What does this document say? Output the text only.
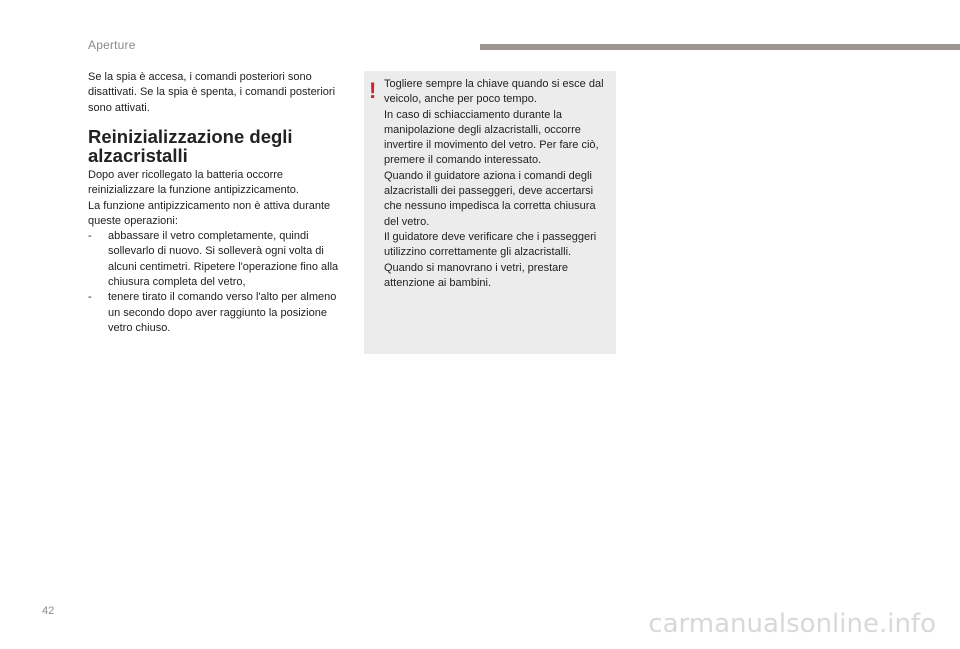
Aperture
Se la spia è accesa, i comandi posteriori sono disattivati. Se la spia è spenta, i comandi posteriori sono attivati.
Reinizializzazione degli
alzacristalli
Dopo aver ricollegato la batteria occorre reinizializzare la funzione antipizzicamento.
La funzione antipizzicamento non è attiva durante queste operazioni:
-	abbassare il vetro completamente, quindi sollevarlo di nuovo. Si solleverà ogni volta di alcuni centimetri. Ripetere l'operazione fino alla chiusura completa del vetro,
-	tenere tirato il comando verso l'alto per almeno un secondo dopo aver raggiunto la posizione vetro chiuso.
! Togliere sempre la chiave quando si esce dal veicolo, anche per poco tempo.
In caso di schiacciamento durante la manipolazione degli alzacristalli, occorre invertire il movimento del vetro. Per fare ciò, premere il comando interessato.
Quando il guidatore aziona i comandi degli alzacristalli dei passeggeri, deve accertarsi che nessuno impedisca la corretta chiusura del vetro.
Il guidatore deve verificare che i passeggeri utilizzino correttamente gli alzacristalli.
Quando si manovrano i vetri, prestare attenzione ai bambini.
42	carmanualsonline.info
